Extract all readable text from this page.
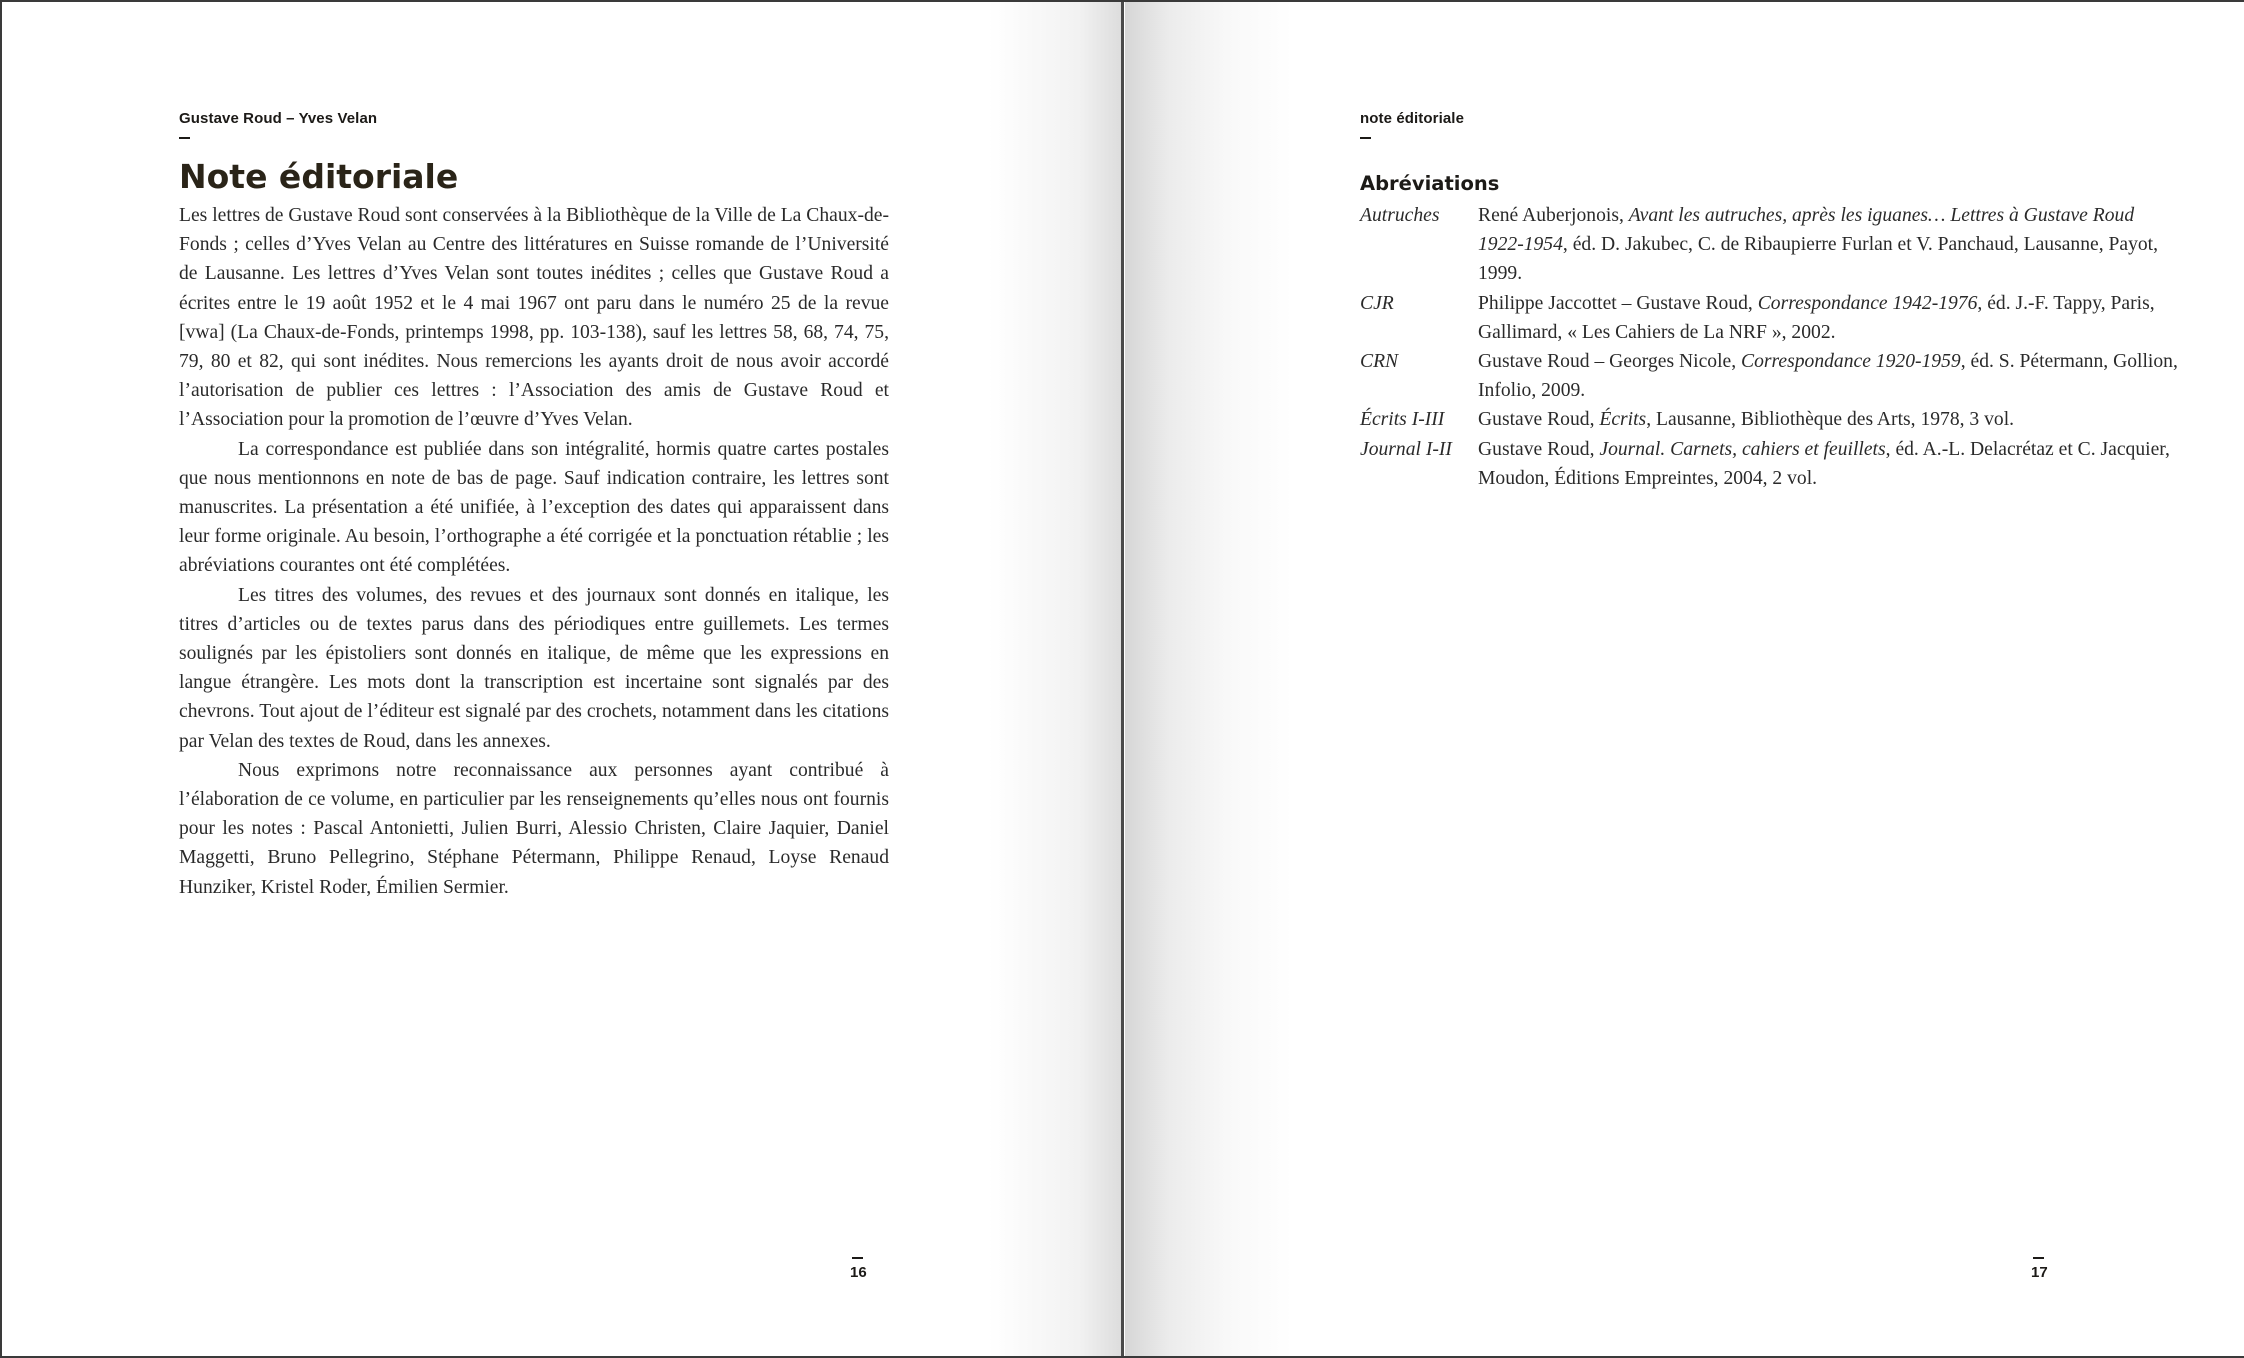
Gustave Roud – Yves Velan
Note éditoriale

Les lettres de Gustave Roud sont conservées à la Bibliothèque de la Ville de La Chaux-de-Fonds ; celles d’Yves Velan au Centre des littératures en Suisse romande de l’Université de Lausanne. Les lettres d’Yves Velan sont toutes inédites ; celles que Gustave Roud a écrites entre le 19 août 1952 et le 4 mai 1967 ont paru dans le numéro 25 de la revue [vwa] (La Chaux-de-Fonds, printemps 1998, pp. 103-138), sauf les lettres 58, 68, 74, 75, 79, 80 et 82, qui sont inédites. Nous remercions les ayants droit de nous avoir accordé l’autorisation de publier ces lettres : l’Association des amis de Gustave Roud et l’Association pour la promotion de l’œuvre d’Yves Velan.

La correspondance est publiée dans son intégralité, hormis quatre cartes postales que nous mentionnons en note de bas de page. Sauf indication contraire, les lettres sont manuscrites. La présentation a été unifiée, à l’exception des dates qui apparaissent dans leur forme originale. Au besoin, l’orthographe a été corrigée et la ponctuation rétablie ; les abréviations courantes ont été complétées.

Les titres des volumes, des revues et des journaux sont donnés en italique, les titres d’articles ou de textes parus dans des périodiques entre guillemets. Les termes soulignés par les épistoliers sont donnés en italique, de même que les expressions en langue étrangère. Les mots dont la transcription est incertaine sont signalés par des chevrons. Tout ajout de l’éditeur est signalé par des crochets, notamment dans les citations par Velan des textes de Roud, dans les annexes.

Nous exprimons notre reconnaissance aux personnes ayant contribué à l’élaboration de ce volume, en particulier par les renseignements qu’elles nous ont fournis pour les notes : Pascal Antonietti, Julien Burri, Alessio Christen, Claire Jaquier, Daniel Maggetti, Bruno Pellegrino, Stéphane Pétermann, Philippe Renaud, Loyse Renaud Hunziker, Kristel Roder, Émilien Sermier.

16
note éditoriale
Abréviations
Autruches	René Auberjonois, Avant les autruches, après les iguanes… Lettres à Gustave Roud 1922-1954, éd. D. Jakubec, C. de Ribaupierre Furlan et V. Panchaud, Lausanne, Payot, 1999.
CJR	Philippe Jaccottet – Gustave Roud, Correspondance 1942-1976, éd. J.-F. Tappy, Paris, Gallimard, « Les Cahiers de La NRF », 2002.
CRN	Gustave Roud – Georges Nicole, Correspondance 1920-1959, éd. S. Pétermann, Gollion, Infolio, 2009.
Écrits I-III	Gustave Roud, Écrits, Lausanne, Bibliothèque des Arts, 1978, 3 vol.
Journal I-II	Gustave Roud, Journal. Carnets, cahiers et feuillets, éd. A.-L. Delacrétaz et C. Jacquier, Moudon, Éditions Empreintes, 2004, 2 vol.
17
